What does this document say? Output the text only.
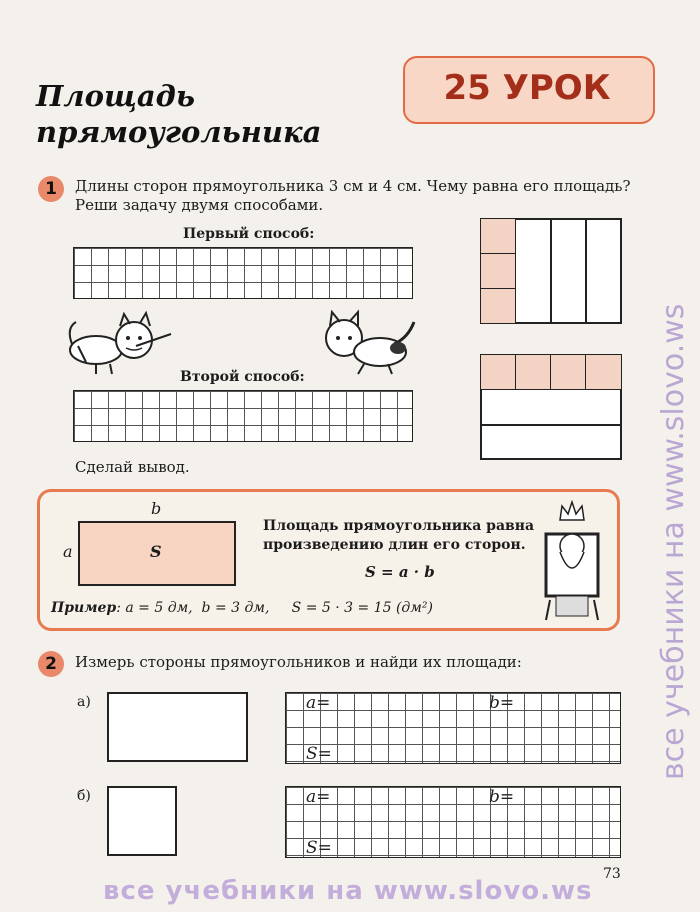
все учебники на www.slovo.ws
Площадь
прямоугольника
25 УРОК
1	Длины сторон прямоугольника 3 см и 4 см. Чему равна его площадь?
Реши задачу двумя способами.
Первый способ:
Второй способ:
Сделай вывод.
b
a	S
Площадь прямоугольника равна
произведению длин его сторон.
S = a · b
Пример: a = 5 дм,  b = 3 дм,     S = 5 · 3 = 15 (дм²)
2	Измерь стороны прямоугольников и найди их площади:
а)	a=	b=
S=
б)	a=	b=
S=
73
все учебники на www.slovo.ws
